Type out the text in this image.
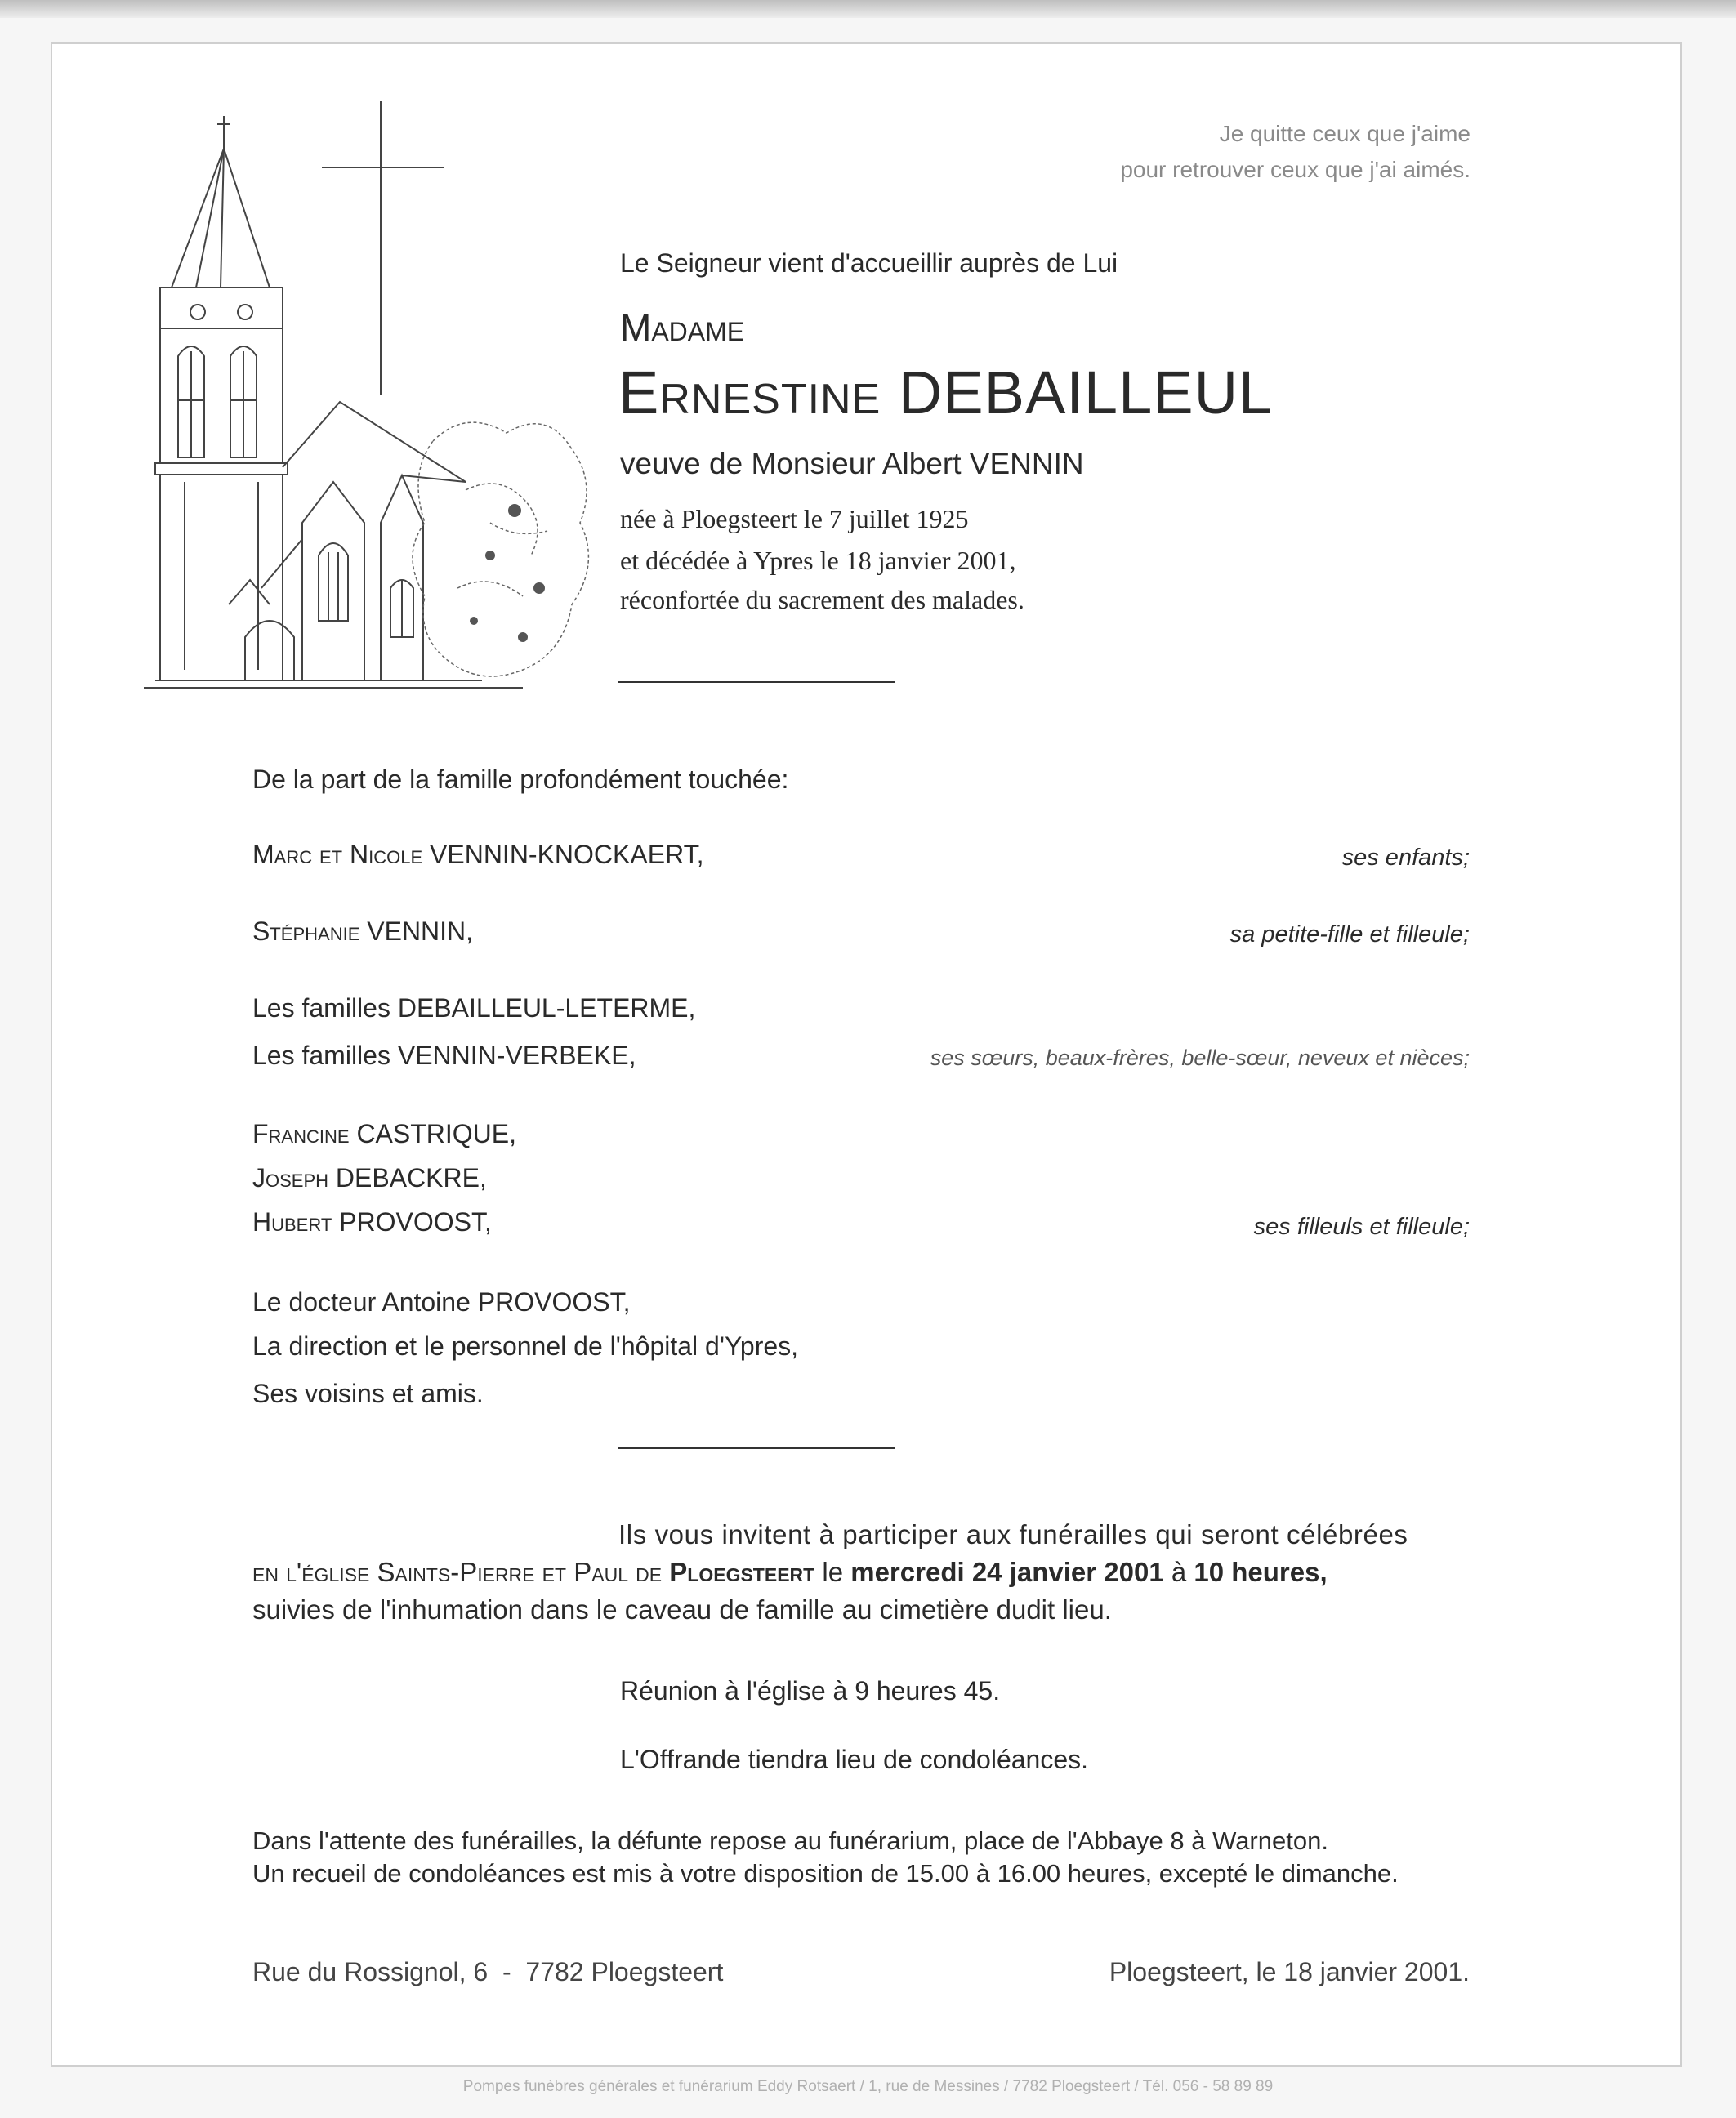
Je quitte ceux que j'aime
pour retrouver ceux que j'ai aimés.
Le Seigneur vient d'accueillir auprès de Lui
Madame
Ernestine DEBAILLEUL
veuve de Monsieur Albert VENNIN
née à Ploegsteert le 7 juillet 1925
et décédée à Ypres le 18 janvier 2001,
réconfortée du sacrement des malades.
De la part de la famille profondément touchée:
Marc et Nicole VENNIN-KNOCKAERT,	ses enfants;
Stéphanie VENNIN,	sa petite-fille et filleule;
Les familles DEBAILLEUL-LETERME,
Les familles VENNIN-VERBEKE,	ses sœurs, beaux-frères, belle-sœur, neveux et nièces;
Francine CASTRIQUE,
Joseph DEBACKRE,
Hubert PROVOOST,	ses filleuls et filleule;
Le docteur Antoine PROVOOST,
La direction et le personnel de l'hôpital d'Ypres,
Ses voisins et amis.
Ils vous invitent à participer aux funérailles qui seront célébrées
en l'église Saints-Pierre et Paul de Ploegsteert le mercredi 24 janvier 2001 à 10 heures,
suivies de l'inhumation dans le caveau de famille au cimetière dudit lieu.
Réunion à l'église à 9 heures 45.
L'Offrande tiendra lieu de condoléances.
Dans l'attente des funérailles, la défunte repose au funérarium, place de l'Abbaye 8 à Warneton.
Un recueil de condoléances est mis à votre disposition de 15.00 à 16.00 heures, excepté le dimanche.
Rue du Rossignol, 6  -  7782 Ploegsteert	Ploegsteert, le 18 janvier 2001.
Pompes funèbres générales et funérarium Eddy Rotsaert / 1, rue de Messines / 7782 Ploegsteert / Tél. 056 - 58 89 89
